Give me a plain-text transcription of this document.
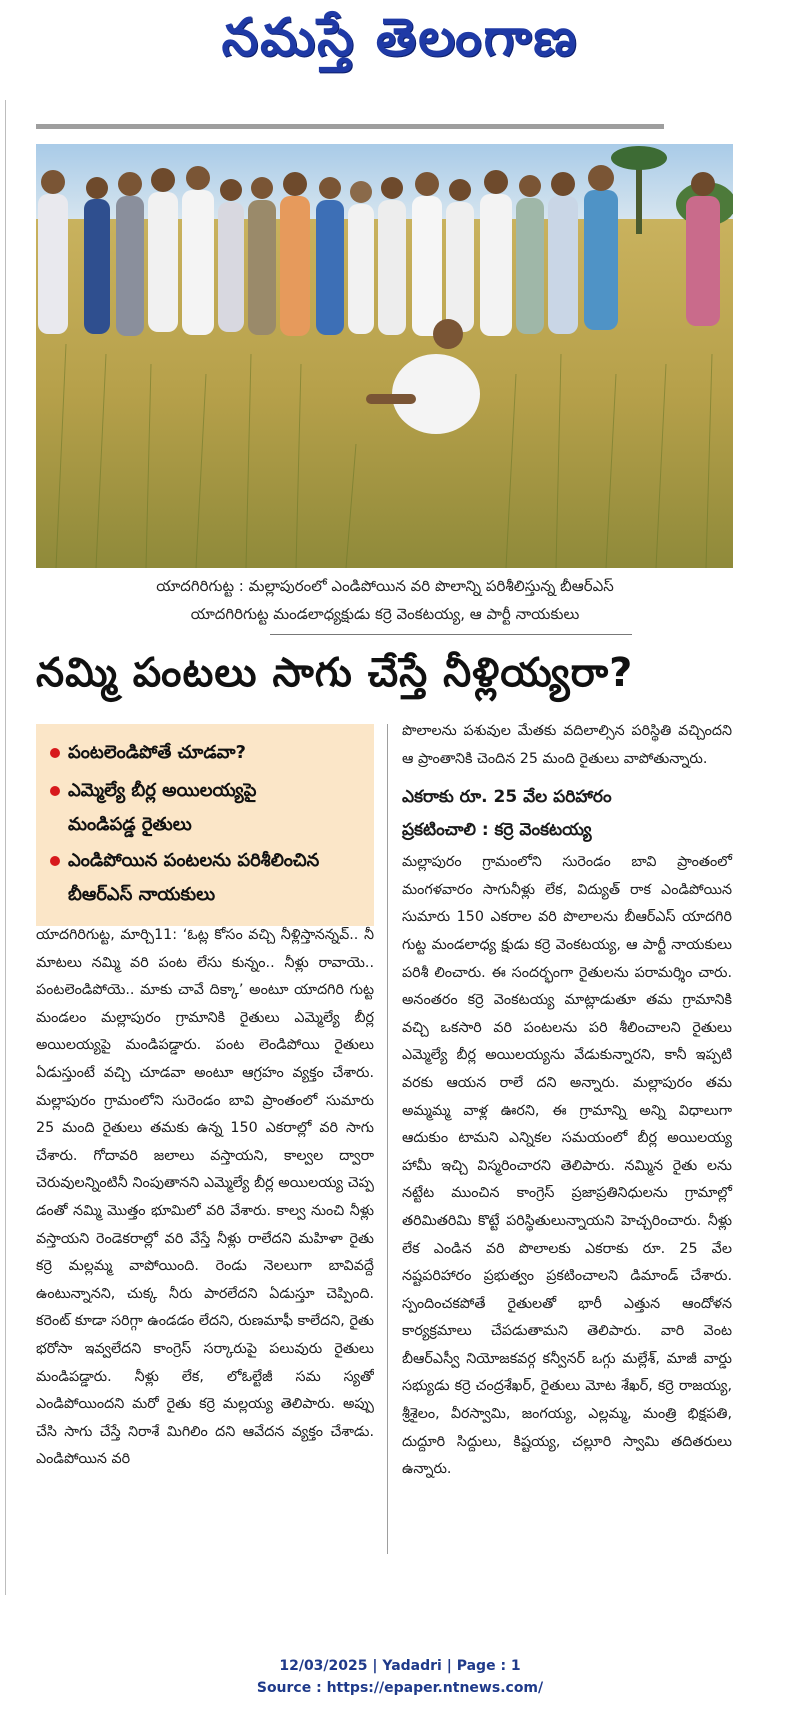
నమస్తే తెలంగాణ
యాదగిరిగుట్ట : మల్లాపురంలో ఎండిపోయిన వరి పొలాన్ని పరిశీలిస్తున్న బీఆర్ఎస్
యాదగిరిగుట్ట మండలాధ్యక్షుడు కర్రె వెంకటయ్య, ఆ పార్టీ నాయకులు
నమ్మి పంటలు సాగు చేస్తే నీళ్లియ్యరా?
పంటలెండిపోతే చూడవా?
ఎమ్మెల్యే బీర్ల అయిలయ్యపై మండిపడ్డ రైతులు
ఎండిపోయిన పంటలను పరిశీలించిన బీఆర్ఎస్ నాయకులు
యాదగిరిగుట్ట, మార్చి11: ‘ఓట్ల కోసం వచ్చి నీళ్లిస్తానన్నవ్.. నీ మాటలు నమ్మి వరి పంట లేసు కున్నం.. నీళ్లు రావాయె.. పంటలెండిపోయె.. మాకు చావే దిక్కా’ అంటూ యాదగిరి గుట్ట మండలం మల్లాపురం గ్రామానికి రైతులు ఎమ్మెల్యే బీర్ల అయిలయ్యపై మండిపడ్డారు. పంట లెండిపోయి రైతులు ఏడుస్తుంటే వచ్చి చూడవా అంటూ ఆగ్రహం వ్యక్తం చేశారు. మల్లాపురం గ్రామంలోని సురెండం బావి ప్రాంతంలో సుమారు 25 మంది రైతులు తమకు ఉన్న 150 ఎకరాల్లో వరి సాగు చేశారు. గోదావరి జలాలు వస్తాయని, కాల్వల ద్వారా చెరువులన్నింటినీ నింపుతానని ఎమ్మెల్యే బీర్ల అయిలయ్య చెప్ప డంతో నమ్మి మొత్తం భూమిలో వరి వేశారు. కాల్వ నుంచి నీళ్లు వస్తాయని రెండెకరాల్లో వరి వేస్తే నీళ్లు రాలేదని మహిళా రైతు కర్రె మల్లమ్మ వాపోయింది. రెండు నెలలుగా బావివద్దే ఉంటున్నానని, చుక్క నీరు పారలేదని ఏడుస్తూ చెప్పింది. కరెంట్ కూడా సరిగ్గా ఉండడం లేదని, రుణమాఫీ కాలేదని, రైతు భరోసా ఇవ్వలేదని కాంగ్రెస్ సర్కారుపై పలువురు రైతులు మండిపడ్డారు. నీళ్లు లేక, లోఓల్టేజీ సమ స్యతో ఎండిపోయిందని మరో రైతు కర్రె మల్లయ్య తెలిపారు. అప్పు చేసి సాగు చేస్తే నిరాశే మిగిలిం దని ఆవేదన వ్యక్తం చేశాడు. ఎండిపోయిన వరి
పొలాలను పశువుల మేతకు వదిలాల్సిన పరిస్థితి వచ్చిందని ఆ ప్రాంతానికి చెందిన 25 మంది రైతులు వాపోతున్నారు.
ఎకరాకు రూ. 25 వేల పరిహారం
ప్రకటించాలి : కర్రె వెంకటయ్య
మల్లాపురం గ్రామంలోని సురెండం బావి ప్రాంతంలో మంగళవారం సాగునీళ్లు లేక, విద్యుత్ రాక ఎండిపోయిన సుమారు 150 ఎకరాల వరి పొలాలను బీఆర్ఎస్ యాదగిరి గుట్ట మండలాధ్య క్షుడు కర్రె వెంకటయ్య, ఆ పార్టీ నాయకులు పరిశీ లించారు. ఈ సందర్భంగా రైతులను పరామర్శిం చారు. అనంతరం కర్రె వెంకటయ్య మాట్లాడుతూ తమ గ్రామానికి వచ్చి ఒకసారి వరి పంటలను పరి శీలించాలని రైతులు ఎమ్మెల్యే బీర్ల అయిలయ్యను వేడుకున్నారని, కానీ ఇప్పటి వరకు ఆయన రాలే దని అన్నారు. మల్లాపురం తమ అమ్మమ్మ వాళ్ల ఊరని, ఈ గ్రామాన్ని అన్ని విధాలుగా ఆదుకుం టామని ఎన్నికల సమయంలో బీర్ల అయిలయ్య హామీ ఇచ్చి విస్మరించారని తెలిపారు. నమ్మిన రైతు లను నట్టేట ముంచిన కాంగ్రెస్ ప్రజాప్రతినిధులను గ్రామాల్లో తరిమితరిమి కొట్టే పరిస్థితులున్నాయని హెచ్చరించారు. నీళ్లు లేక ఎండిన వరి పొలాలకు ఎకరాకు రూ. 25 వేల నష్టపరిహారం ప్రభుత్వం ప్రకటించాలని డిమాండ్ చేశారు. స్పందించకపోతే రైతులతో భారీ ఎత్తున ఆందోళన కార్యక్రమాలు చేపడుతామని తెలిపారు. వారి వెంట బీఆర్ఎస్వీ నియోజకవర్గ కన్వీనర్ ఒగ్గు మల్లేశ్, మాజీ వార్డు సభ్యుడు కర్రె చంద్రశేఖర్, రైతులు మోట శేఖర్, కర్రె రాజయ్య, శ్రీశైలం, వీరస్వామి, జంగయ్య, ఎల్లమ్మ, మంత్రి భిక్షపతి, దుద్దూరి సిద్దులు, కిష్టయ్య, చల్లూరి స్వామి తదితరులు ఉన్నారు.
12/03/2025 | Yadadri | Page : 1
Source : https://epaper.ntnews.com/
